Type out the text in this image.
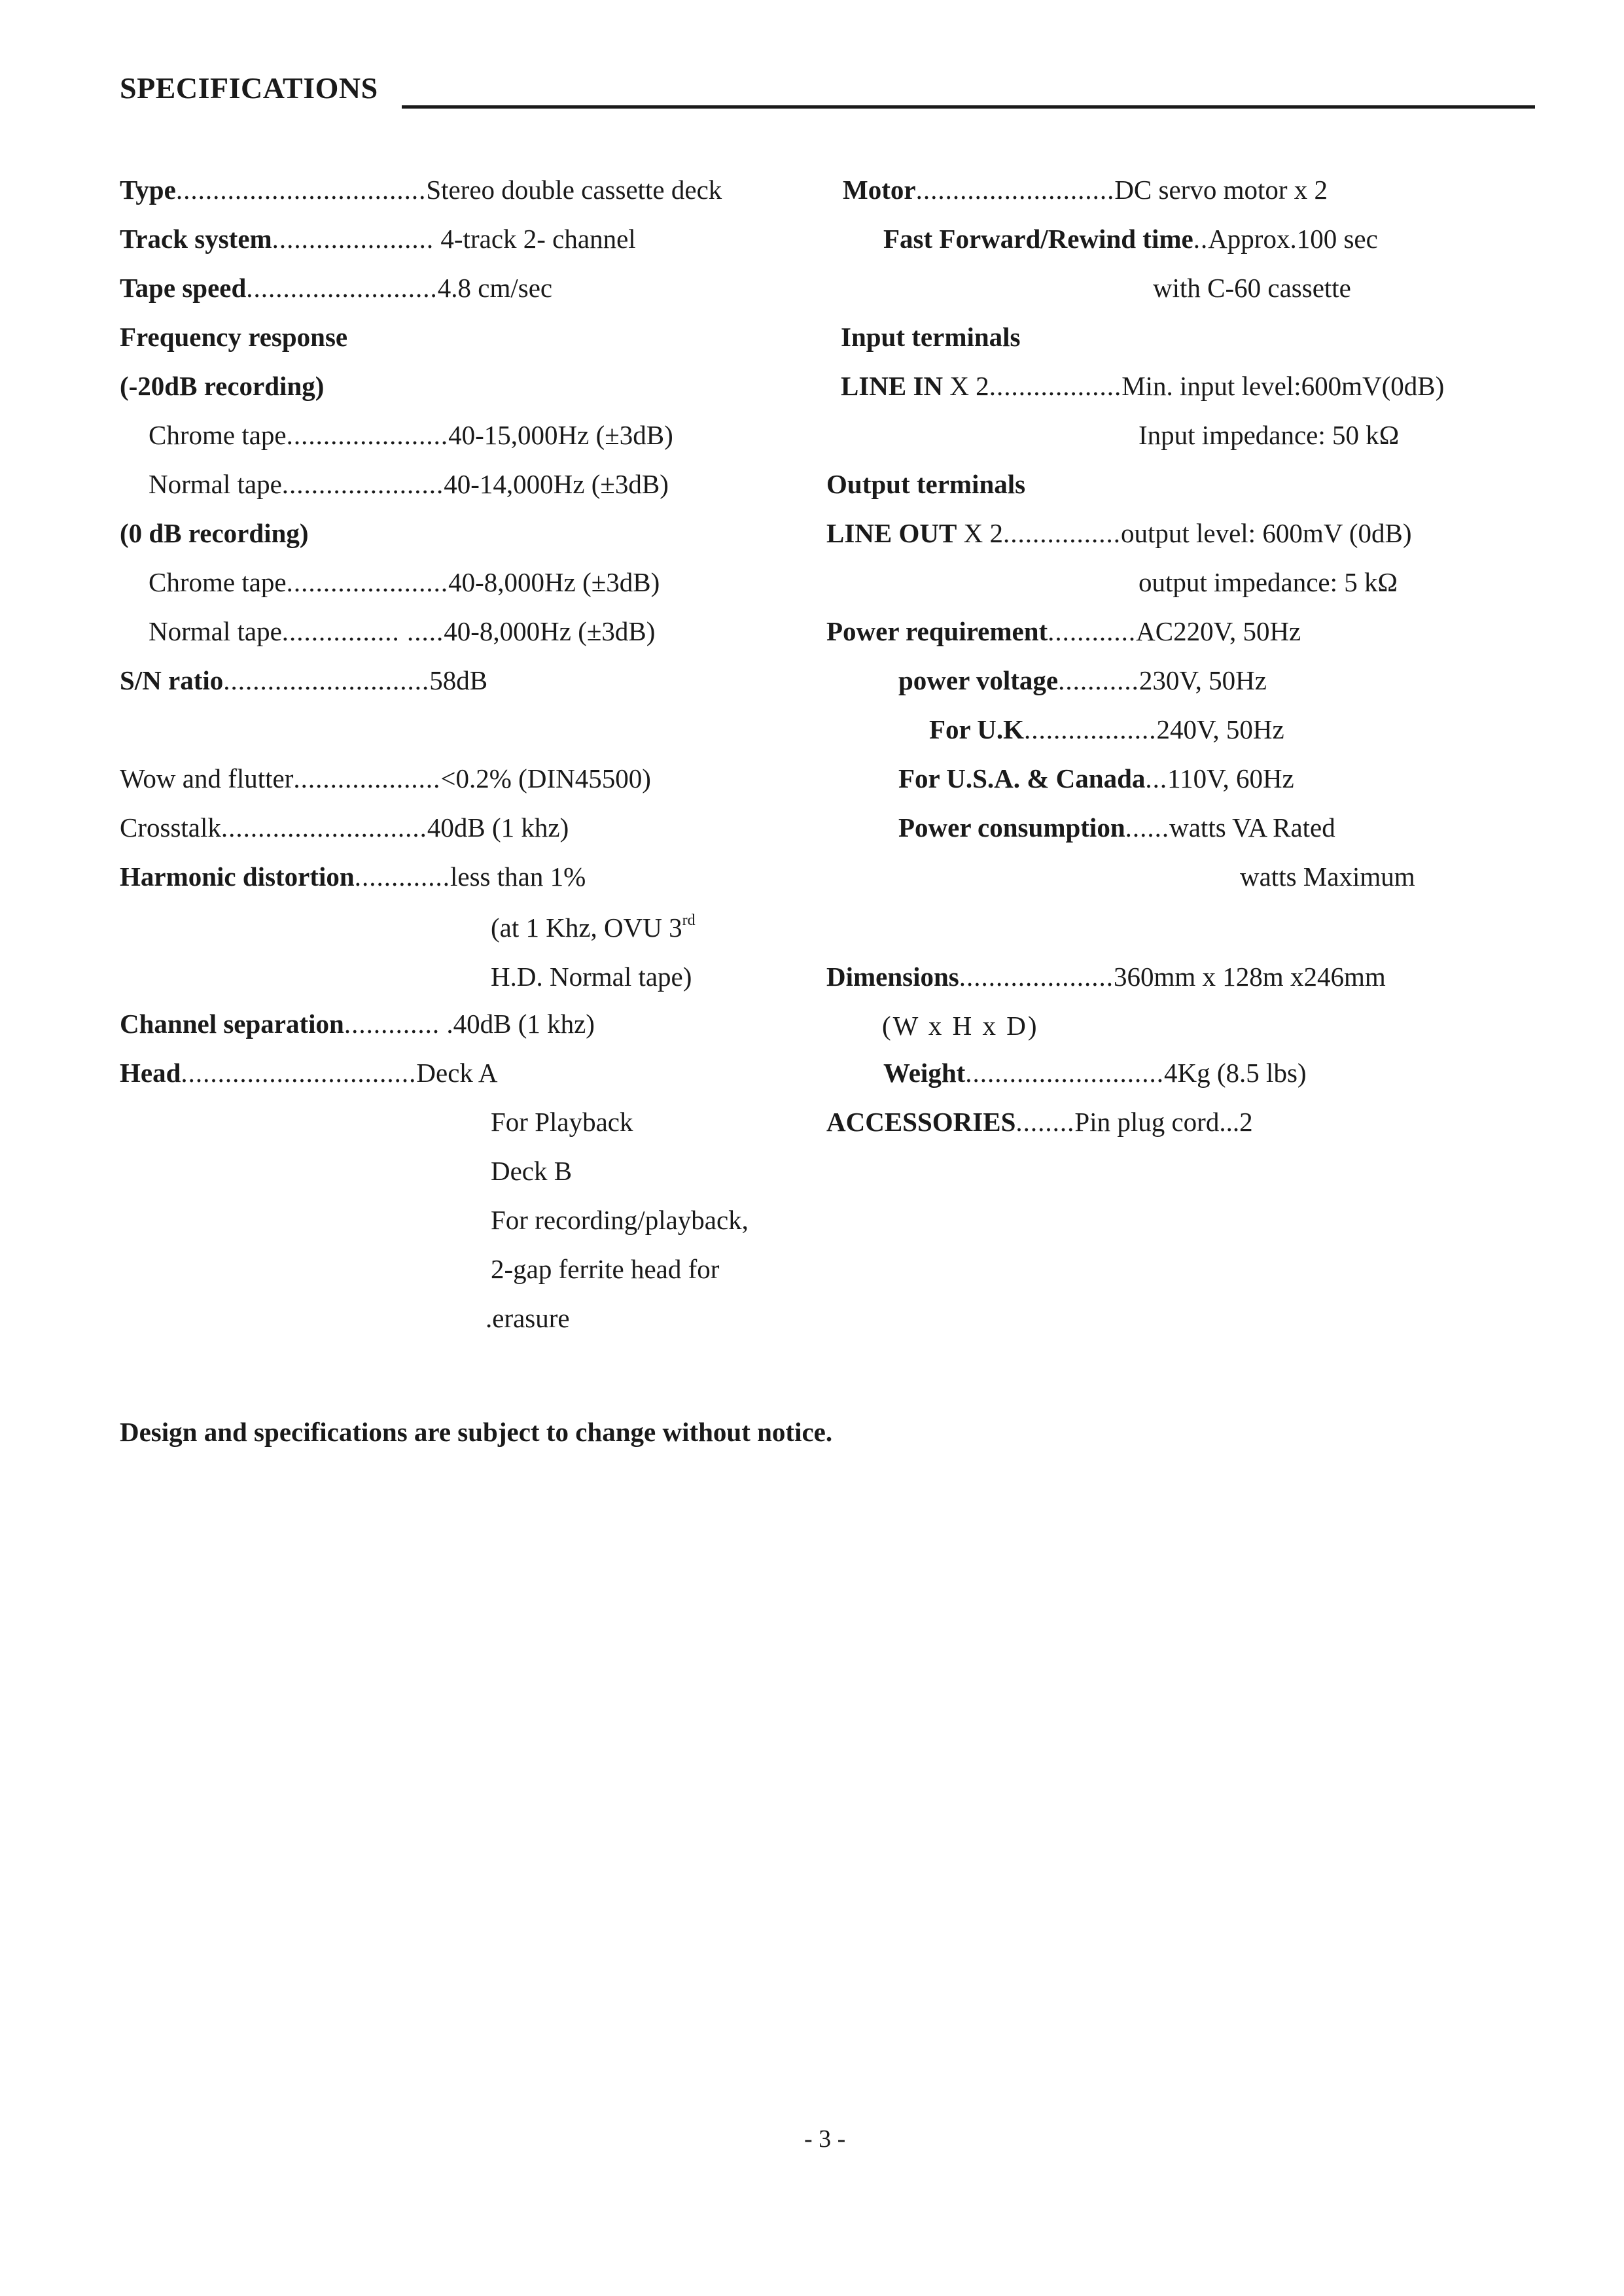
SPECIFICATIONS
Type..................................Stereo double cassette deck
Track system...................... 4-track 2- channel
Tape speed..........................4.8 cm/sec
Frequency response
(-20dB recording)
Chrome tape......................40-15,000Hz (±3dB)
Normal tape......................40-14,000Hz (±3dB)
(0 dB recording)
Chrome tape......................40-8,000Hz (±3dB)
Normal tape................ .....40-8,000Hz (±3dB)
S/N ratio............................58dB
Wow and flutter....................<0.2% (DIN45500)
Crosstalk............................40dB (1 khz)
Harmonic distortion.............less than 1%
(at 1 Khz, OVU 3rd
H.D. Normal tape)
Channel separation............. .40dB (1 khz)
Head................................Deck A
For Playback
Deck B
For recording/playback,
2-gap ferrite head for
.erasure
Motor...........................DC servo motor x 2
Fast Forward/Rewind time..Approx.100 sec
with C-60 cassette
Input terminals
LINE IN X 2..................Min. input level:600mV(0dB)
Input impedance: 50 kΩ
Output terminals
LINE OUT X 2................output level: 600mV (0dB)
output impedance: 5 kΩ
Power requirement............AC220V, 50Hz
power voltage...........230V, 50Hz
For U.K..................240V, 50Hz
For U.S.A. & Canada...110V, 60Hz
Power consumption......watts VA Rated
watts Maximum
Dimensions.....................360mm x 128m x246mm
(W x H x D)
Weight...........................4Kg (8.5 lbs)
ACCESSORIES........Pin plug cord...2
Design and specifications are subject to change without notice.
- 3 -
